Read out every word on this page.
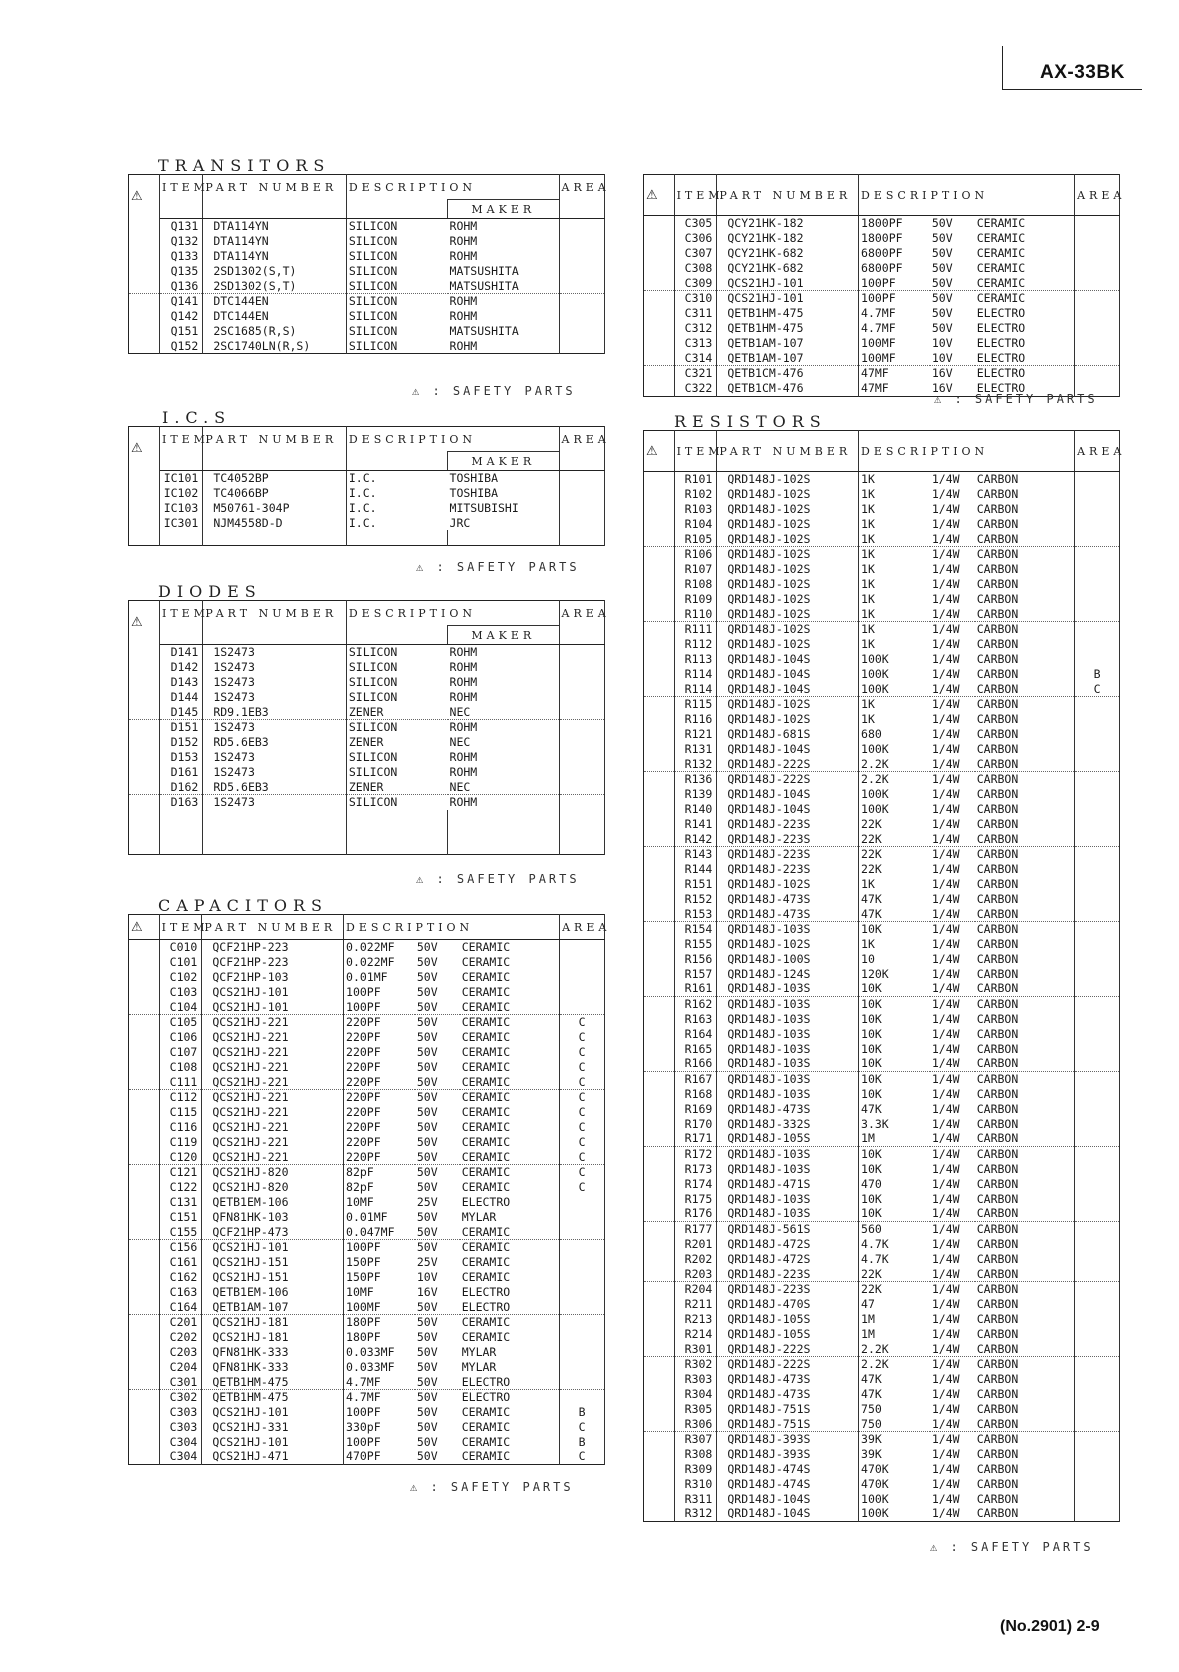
AX-33BK
TRANSITORS
⚠	ITEM	PART NUMBER	DESCRIPTION		AREA
				MAKER	
	Q131	DTA114YN	SILICON	ROHM	
	Q132	DTA114YN	SILICON	ROHM	
	Q133	DTA114YN	SILICON	ROHM	
	Q135	2SD1302(S,T)	SILICON	MATSUSHITA	
	Q136	2SD1302(S,T)	SILICON	MATSUSHITA	
	Q141	DTC144EN	SILICON	ROHM	
	Q142	DTC144EN	SILICON	ROHM	
	Q151	2SC1685(R,S)	SILICON	MATSUSHITA	
	Q152	2SC1740LN(R,S)	SILICON	ROHM	
⚠ : SAFETY PARTS
I.C.S
⚠	ITEM	PART NUMBER	DESCRIPTION		AREA
				MAKER	
	IC101	TC4052BP	I.C.	TOSHIBA	
	IC102	TC4066BP	I.C.	TOSHIBA	
	IC103	M50761-304P	I.C.	MITSUBISHI	
	IC301	NJM4558D-D	I.C.	JRC	

⚠ : SAFETY PARTS
DIODES
⚠	ITEM	PART NUMBER	DESCRIPTION		AREA
				MAKER	
	D141	1S2473	SILICON	ROHM	
	D142	1S2473	SILICON	ROHM	
	D143	1S2473	SILICON	ROHM	
	D144	1S2473	SILICON	ROHM	
	D145	RD9.1EB3	ZENER	NEC	
	D151	1S2473	SILICON	ROHM	
	D152	RD5.6EB3	ZENER	NEC	
	D153	1S2473	SILICON	ROHM	
	D161	1S2473	SILICON	ROHM	
	D162	RD5.6EB3	ZENER	NEC	
	D163	1S2473	SILICON	ROHM	

⚠ : SAFETY PARTS
CAPACITORS
⚠	ITEM	PART NUMBER	DESCRIPTION			AREA
	C010	QCF21HP-223	0.022MF	50V	CERAMIC	
	C101	QCF21HP-223	0.022MF	50V	CERAMIC	
	C102	QCF21HP-103	0.01MF	50V	CERAMIC	
	C103	QCS21HJ-101	100PF	50V	CERAMIC	
	C104	QCS21HJ-101	100PF	50V	CERAMIC	
	C105	QCS21HJ-221	220PF	50V	CERAMIC	C
	C106	QCS21HJ-221	220PF	50V	CERAMIC	C
	C107	QCS21HJ-221	220PF	50V	CERAMIC	C
	C108	QCS21HJ-221	220PF	50V	CERAMIC	C
	C111	QCS21HJ-221	220PF	50V	CERAMIC	C
	C112	QCS21HJ-221	220PF	50V	CERAMIC	C
	C115	QCS21HJ-221	220PF	50V	CERAMIC	C
	C116	QCS21HJ-221	220PF	50V	CERAMIC	C
	C119	QCS21HJ-221	220PF	50V	CERAMIC	C
	C120	QCS21HJ-221	220PF	50V	CERAMIC	C
	C121	QCS21HJ-820	82pF	50V	CERAMIC	C
	C122	QCS21HJ-820	82pF	50V	CERAMIC	C
	C131	QETB1EM-106	10MF	25V	ELECTRO	
	C151	QFN81HK-103	0.01MF	50V	MYLAR	
	C155	QCF21HP-473	0.047MF	50V	CERAMIC	
	C156	QCS21HJ-101	100PF	50V	CERAMIC	
	C161	QCS21HJ-151	150PF	25V	CERAMIC	
	C162	QCS21HJ-151	150PF	10V	CERAMIC	
	C163	QETB1EM-106	10MF	16V	ELECTRO	
	C164	QETB1AM-107	100MF	50V	ELECTRO	
	C201	QCS21HJ-181	180PF	50V	CERAMIC	
	C202	QCS21HJ-181	180PF	50V	CERAMIC	
	C203	QFN81HK-333	0.033MF	50V	MYLAR	
	C204	QFN81HK-333	0.033MF	50V	MYLAR	
	C301	QETB1HM-475	4.7MF	50V	ELECTRO	
	C302	QETB1HM-475	4.7MF	50V	ELECTRO	
	C303	QCS21HJ-101	100PF	50V	CERAMIC	B
	C303	QCS21HJ-331	330pF	50V	CERAMIC	C
	C304	QCS21HJ-101	100PF	50V	CERAMIC	B
	C304	QCS21HJ-471	470PF	50V	CERAMIC	C
⚠ : SAFETY PARTS
⚠	ITEM	PART NUMBER	DESCRIPTION			AREA
	C305	QCY21HK-182	1800PF	50V	CERAMIC	
	C306	QCY21HK-182	1800PF	50V	CERAMIC	
	C307	QCY21HK-682	6800PF	50V	CERAMIC	
	C308	QCY21HK-682	6800PF	50V	CERAMIC	
	C309	QCS21HJ-101	100PF	50V	CERAMIC	
	C310	QCS21HJ-101	100PF	50V	CERAMIC	
	C311	QETB1HM-475	4.7MF	50V	ELECTRO	
	C312	QETB1HM-475	4.7MF	50V	ELECTRO	
	C313	QETB1AM-107	100MF	10V	ELECTRO	
	C314	QETB1AM-107	100MF	10V	ELECTRO	
	C321	QETB1CM-476	47MF	16V	ELECTRO	
	C322	QETB1CM-476	47MF	16V	ELECTRO	
⚠ : SAFETY PARTS
RESISTORS
⚠	ITEM	PART NUMBER	DESCRIPTION			AREA
	R101	QRD148J-102S	1K	1/4W	CARBON	
	R102	QRD148J-102S	1K	1/4W	CARBON	
	R103	QRD148J-102S	1K	1/4W	CARBON	
	R104	QRD148J-102S	1K	1/4W	CARBON	
	R105	QRD148J-102S	1K	1/4W	CARBON	
	R106	QRD148J-102S	1K	1/4W	CARBON	
	R107	QRD148J-102S	1K	1/4W	CARBON	
	R108	QRD148J-102S	1K	1/4W	CARBON	
	R109	QRD148J-102S	1K	1/4W	CARBON	
	R110	QRD148J-102S	1K	1/4W	CARBON	
	R111	QRD148J-102S	1K	1/4W	CARBON	
	R112	QRD148J-102S	1K	1/4W	CARBON	
	R113	QRD148J-104S	100K	1/4W	CARBON	
	R114	QRD148J-104S	100K	1/4W	CARBON	B
	R114	QRD148J-104S	100K	1/4W	CARBON	C
	R115	QRD148J-102S	1K	1/4W	CARBON	
	R116	QRD148J-102S	1K	1/4W	CARBON	
	R121	QRD148J-681S	680	1/4W	CARBON	
	R131	QRD148J-104S	100K	1/4W	CARBON	
	R132	QRD148J-222S	2.2K	1/4W	CARBON	
	R136	QRD148J-222S	2.2K	1/4W	CARBON	
	R139	QRD148J-104S	100K	1/4W	CARBON	
	R140	QRD148J-104S	100K	1/4W	CARBON	
	R141	QRD148J-223S	22K	1/4W	CARBON	
	R142	QRD148J-223S	22K	1/4W	CARBON	
	R143	QRD148J-223S	22K	1/4W	CARBON	
	R144	QRD148J-223S	22K	1/4W	CARBON	
	R151	QRD148J-102S	1K	1/4W	CARBON	
	R152	QRD148J-473S	47K	1/4W	CARBON	
	R153	QRD148J-473S	47K	1/4W	CARBON	
	R154	QRD148J-103S	10K	1/4W	CARBON	
	R155	QRD148J-102S	1K	1/4W	CARBON	
	R156	QRD148J-100S	10	1/4W	CARBON	
	R157	QRD148J-124S	120K	1/4W	CARBON	
	R161	QRD148J-103S	10K	1/4W	CARBON	
	R162	QRD148J-103S	10K	1/4W	CARBON	
	R163	QRD148J-103S	10K	1/4W	CARBON	
	R164	QRD148J-103S	10K	1/4W	CARBON	
	R165	QRD148J-103S	10K	1/4W	CARBON	
	R166	QRD148J-103S	10K	1/4W	CARBON	
	R167	QRD148J-103S	10K	1/4W	CARBON	
	R168	QRD148J-103S	10K	1/4W	CARBON	
	R169	QRD148J-473S	47K	1/4W	CARBON	
	R170	QRD148J-332S	3.3K	1/4W	CARBON	
	R171	QRD148J-105S	1M	1/4W	CARBON	
	R172	QRD148J-103S	10K	1/4W	CARBON	
	R173	QRD148J-103S	10K	1/4W	CARBON	
	R174	QRD148J-471S	470	1/4W	CARBON	
	R175	QRD148J-103S	10K	1/4W	CARBON	
	R176	QRD148J-103S	10K	1/4W	CARBON	
	R177	QRD148J-561S	560	1/4W	CARBON	
	R201	QRD148J-472S	4.7K	1/4W	CARBON	
	R202	QRD148J-472S	4.7K	1/4W	CARBON	
	R203	QRD148J-223S	22K	1/4W	CARBON	
	R204	QRD148J-223S	22K	1/4W	CARBON	
	R211	QRD148J-470S	47	1/4W	CARBON	
	R213	QRD148J-105S	1M	1/4W	CARBON	
	R214	QRD148J-105S	1M	1/4W	CARBON	
	R301	QRD148J-222S	2.2K	1/4W	CARBON	
	R302	QRD148J-222S	2.2K	1/4W	CARBON	
	R303	QRD148J-473S	47K	1/4W	CARBON	
	R304	QRD148J-473S	47K	1/4W	CARBON	
	R305	QRD148J-751S	750	1/4W	CARBON	
	R306	QRD148J-751S	750	1/4W	CARBON	
	R307	QRD148J-393S	39K	1/4W	CARBON	
	R308	QRD148J-393S	39K	1/4W	CARBON	
	R309	QRD148J-474S	470K	1/4W	CARBON	
	R310	QRD148J-474S	470K	1/4W	CARBON	
	R311	QRD148J-104S	100K	1/4W	CARBON	
	R312	QRD148J-104S	100K	1/4W	CARBON	
⚠ : SAFETY PARTS
(No.2901) 2-9
